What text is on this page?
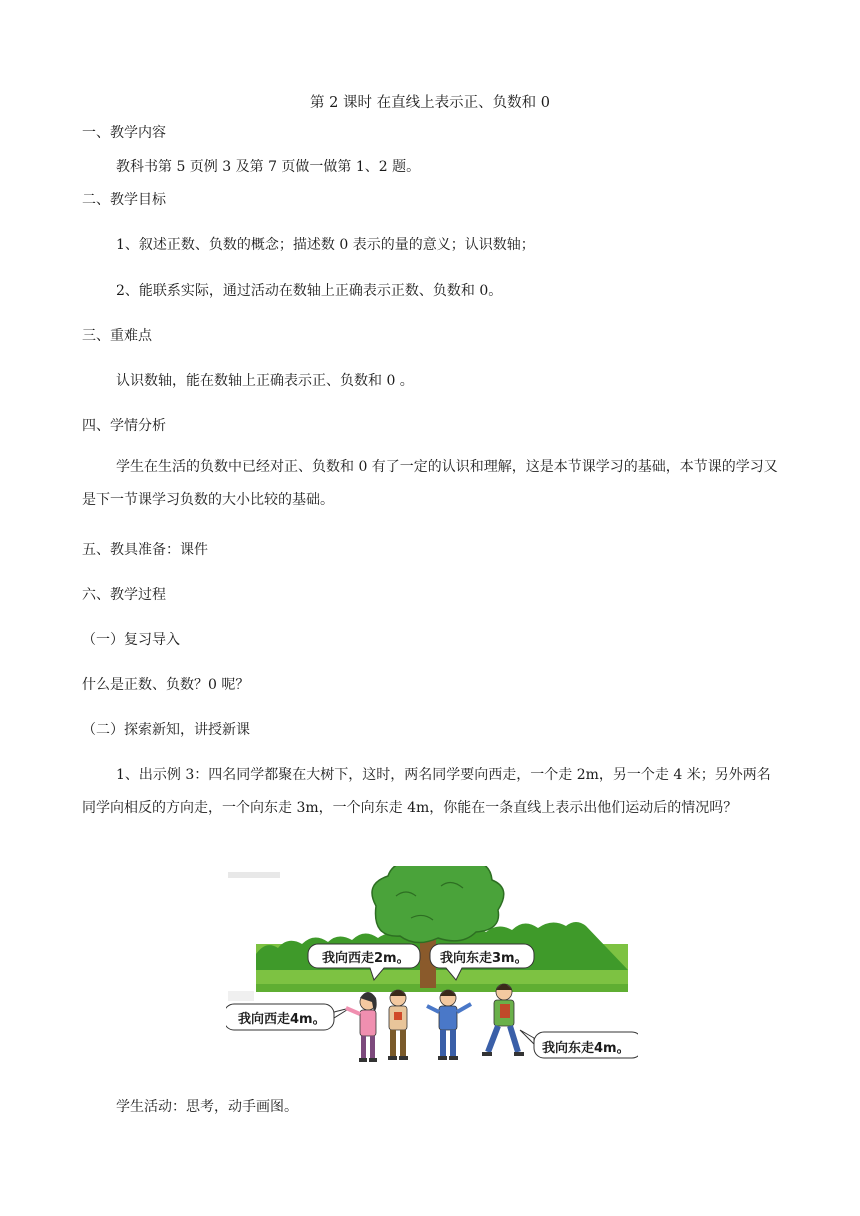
第 2 课时 在直线上表示正、负数和 0
一、教学内容
教科书第 5 页例 3 及第 7 页做一做第 1、2 题。
二、教学目标
1、叙述正数、负数的概念；描述数 0 表示的量的意义；认识数轴；
2、能联系实际，通过活动在数轴上正确表示正数、负数和 0。
三、重难点
认识数轴，能在数轴上正确表示正、负数和 0 。
四、学情分析
学生在生活的负数中已经对正、负数和 0 有了一定的认识和理解，这是本节课学习的基础，本节课的学习又是下一节课学习负数的大小比较的基础。
五、教具准备：课件
六、教学过程
（一）复习导入
什么是正数、负数？0 呢？
（二）探索新知，讲授新课
1、出示例 3：四名同学都聚在大树下，这时，两名同学要向西走，一个走 2m，另一个走 4 米；另外两名同学向相反的方向走，一个向东走 3m，一个向东走 4m，你能在一条直线上表示出他们运动后的情况吗？
我向西走2m。 我向东走3m。
我向西走4m。
我向东走4m。
学生活动：思考，动手画图。
